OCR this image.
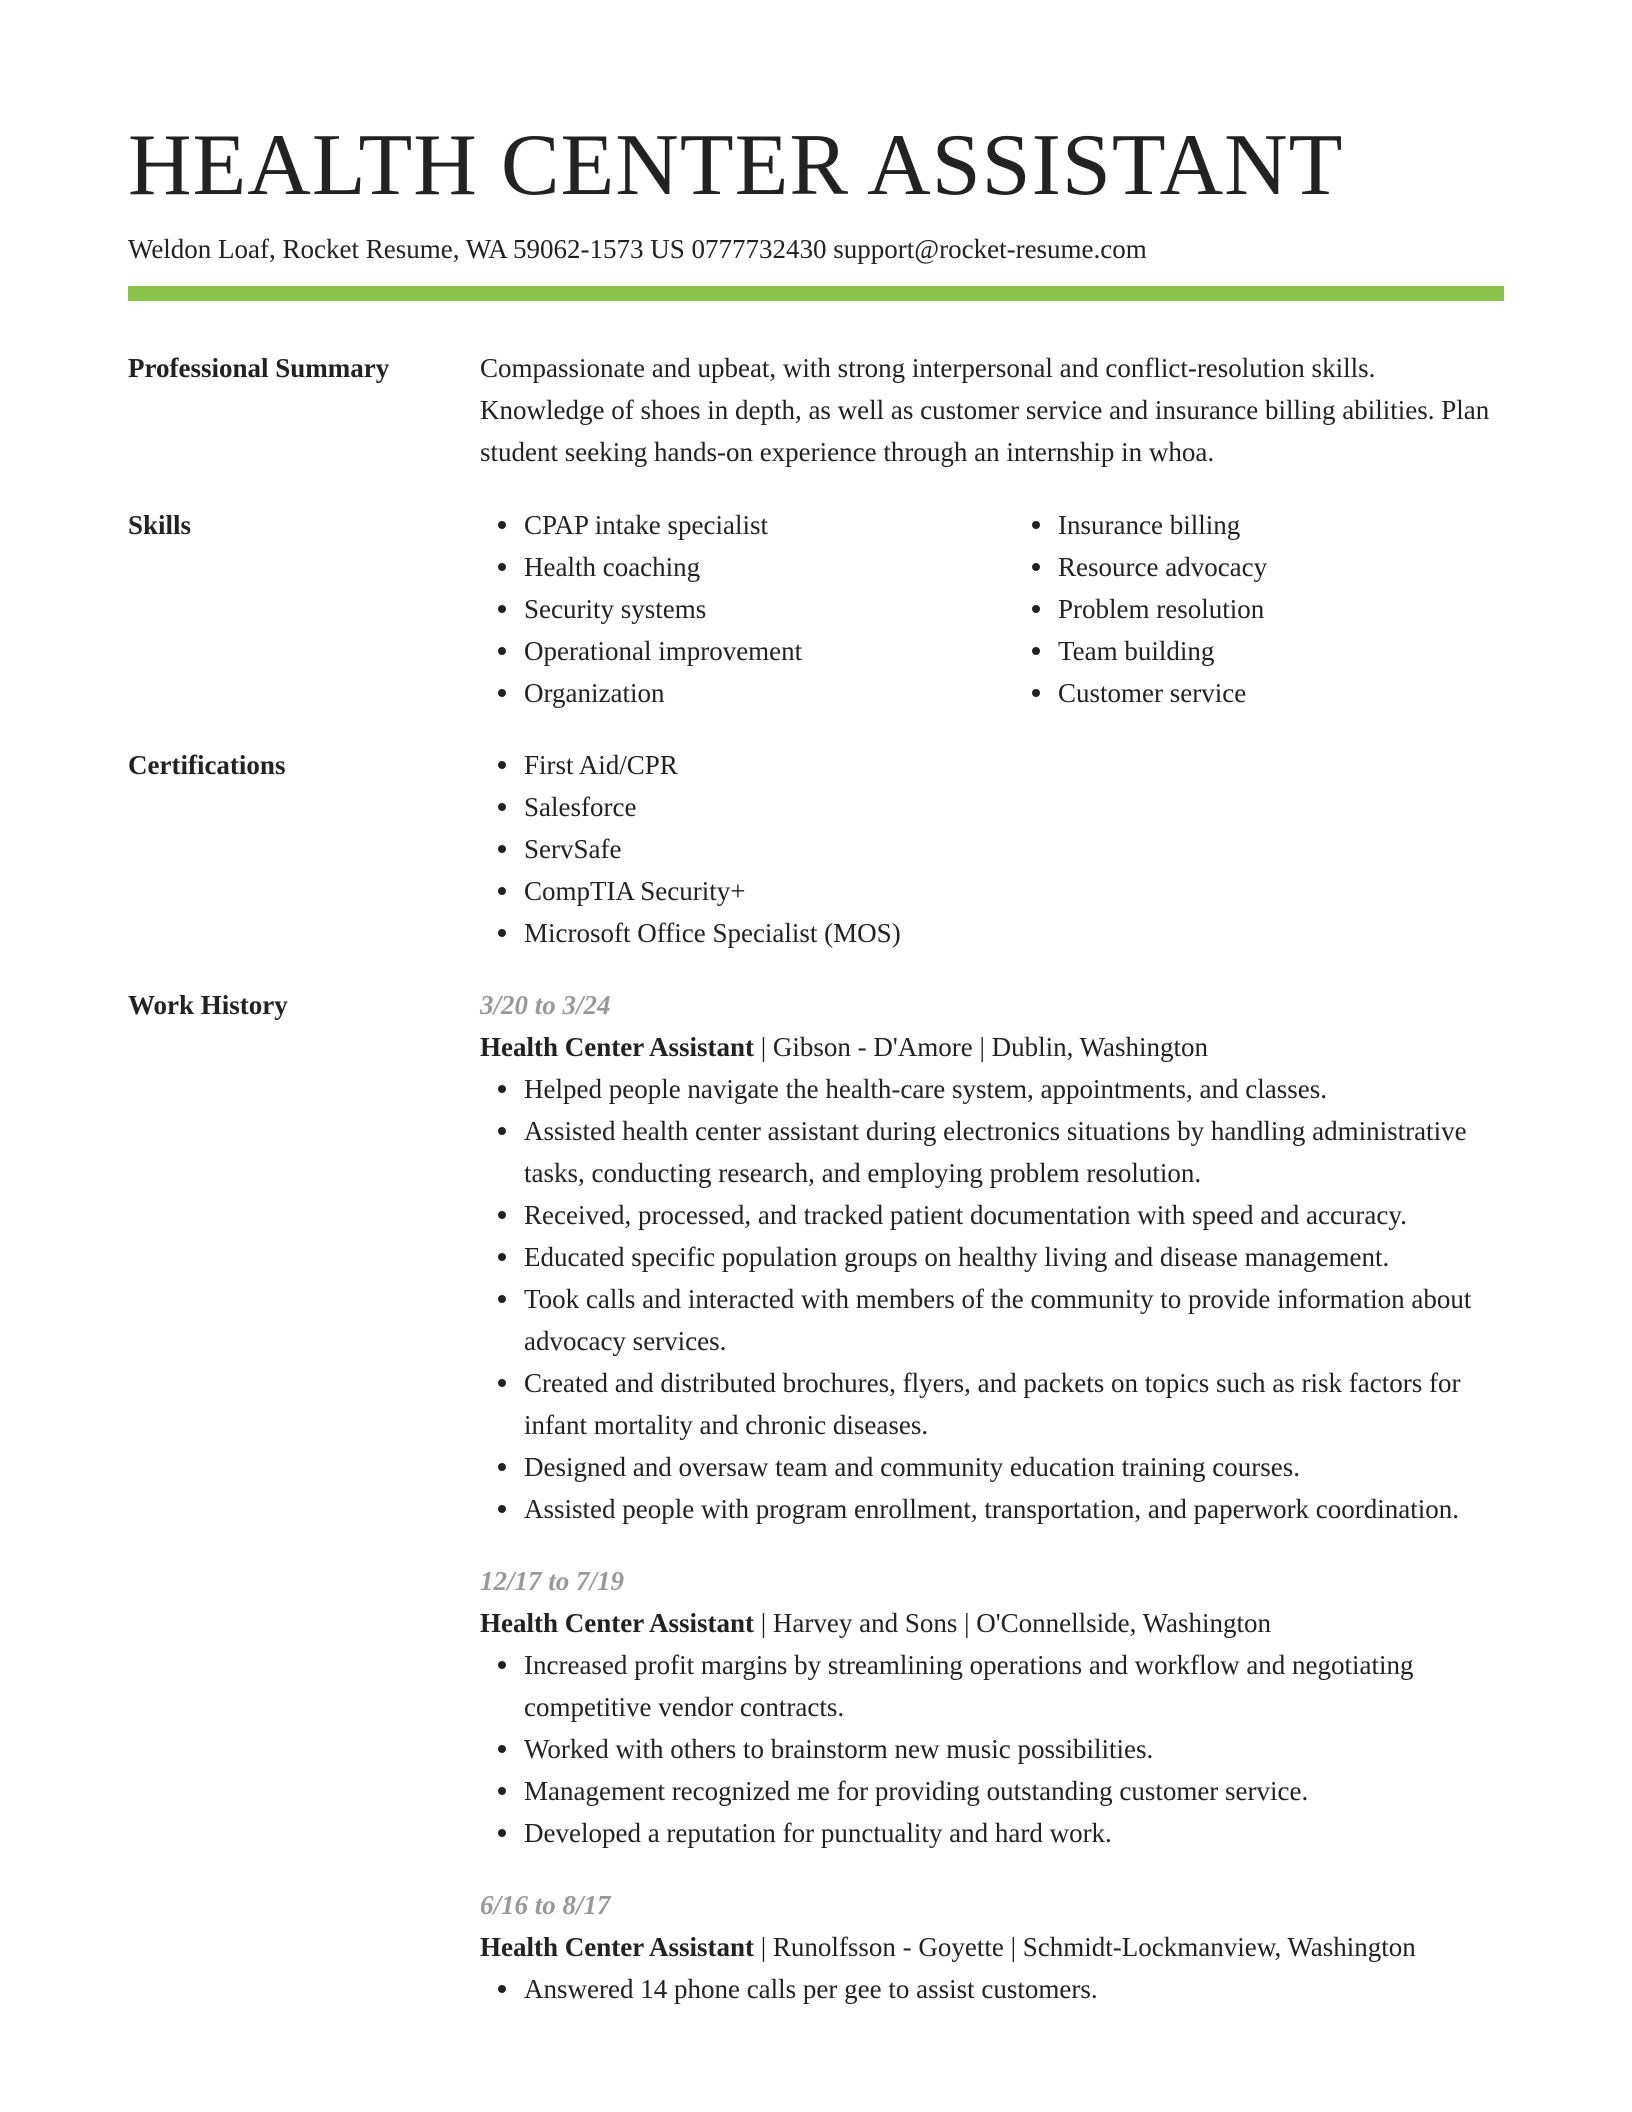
HEALTH CENTER ASSISTANT
Weldon Loaf, Rocket Resume, WA 59062-1573 US 0777732430 support@rocket-resume.com
Professional Summary	Compassionate and upbeat, with strong interpersonal and conflict-resolution skills. Knowledge of shoes in depth, as well as customer service and insurance billing abilities. Plan student seeking hands-on experience through an internship in whoa.

Skills	CPAP intake specialist
Health coaching
Security systems
Operational improvement
Organization
Insurance billing
Resource advocacy
Problem resolution
Team building
Customer service
Certifications	First Aid/CPR
Salesforce
ServSafe
CompTIA Security+
Microsoft Office Specialist (MOS)
Work History	3/20 to 3/24
Health Center Assistant | Gibson - D'Amore | Dublin, Washington
Helped people navigate the health-care system, appointments, and classes.
Assisted health center assistant during electronics situations by handling administrative tasks, conducting research, and employing problem resolution.
Received, processed, and tracked patient documentation with speed and accuracy.
Educated specific population groups on healthy living and disease management.
Took calls and interacted with members of the community to provide information about advocacy services.
Created and distributed brochures, flyers, and packets on topics such as risk factors for infant mortality and chronic diseases.
Designed and oversaw team and community education training courses.
Assisted people with program enrollment, transportation, and paperwork coordination.
12/17 to 7/19
Health Center Assistant | Harvey and Sons | O'Connellside, Washington
Increased profit margins by streamlining operations and workflow and negotiating competitive vendor contracts.
Worked with others to brainstorm new music possibilities.
Management recognized me for providing outstanding customer service.
Developed a reputation for punctuality and hard work.
6/16 to 8/17
Health Center Assistant | Runolfsson - Goyette | Schmidt-Lockmanview, Washington
Answered 14 phone calls per gee to assist customers.
